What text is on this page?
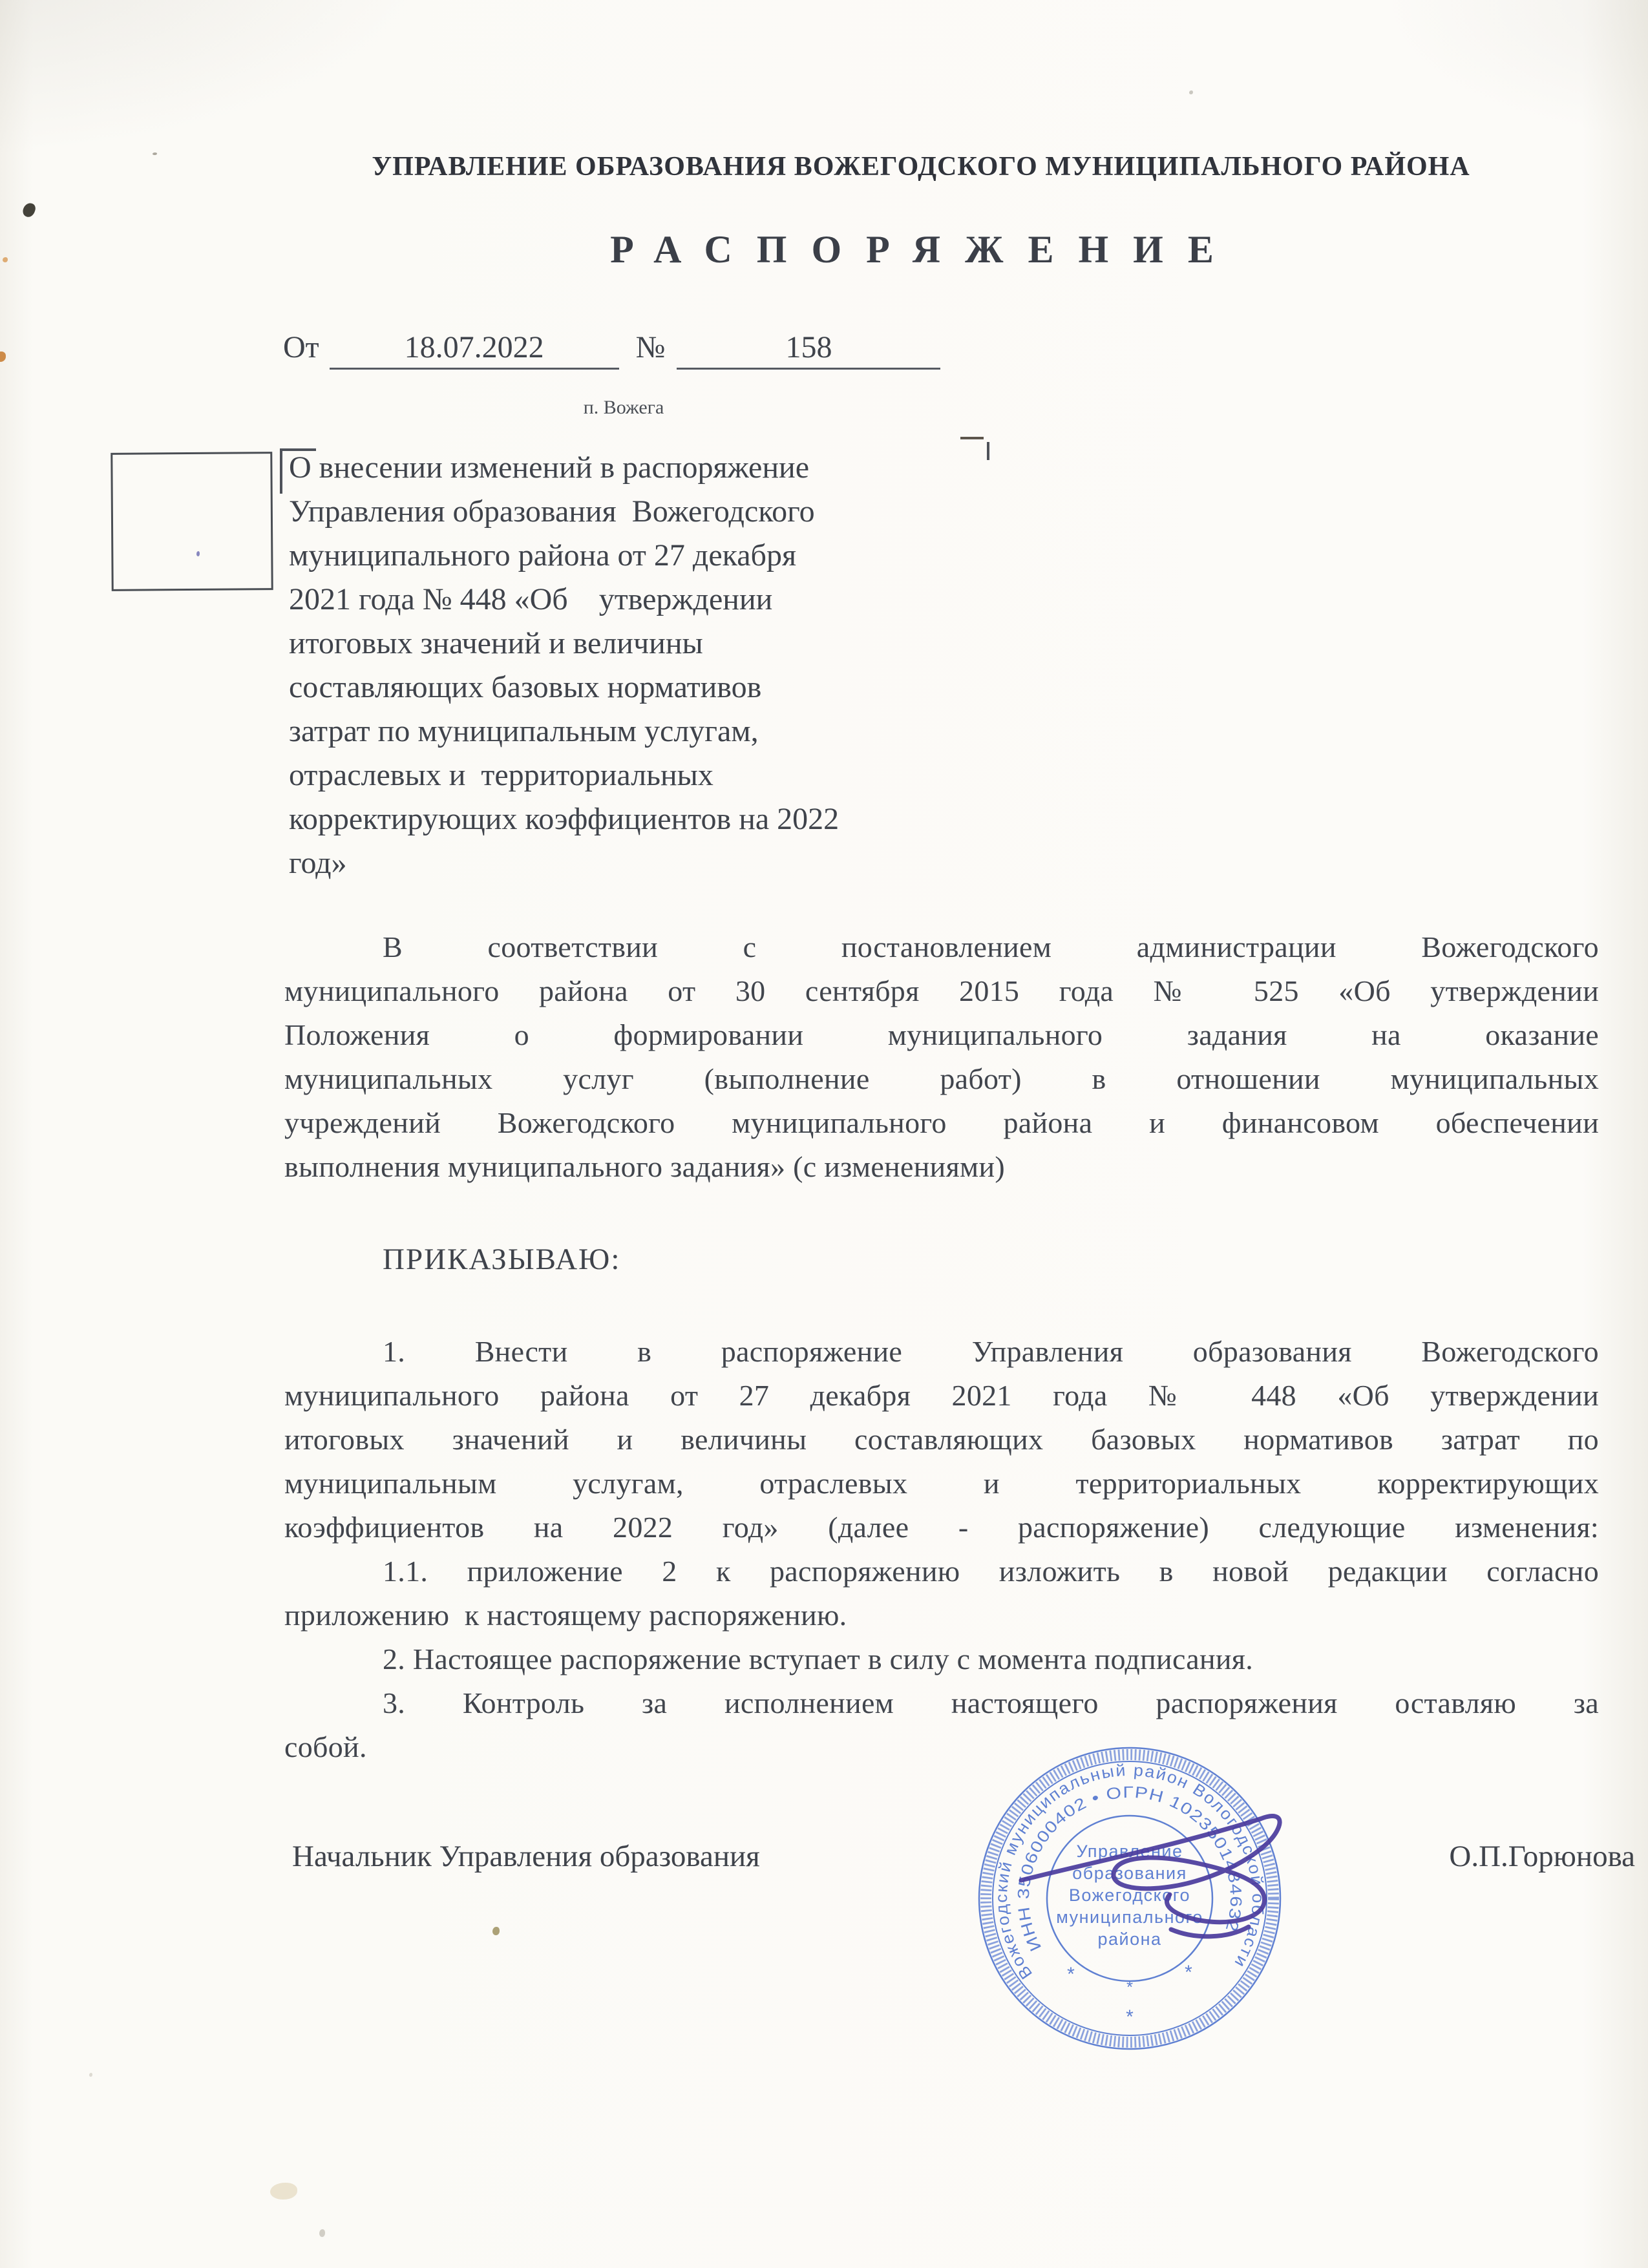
УПРАВЛЕНИЕ ОБРАЗОВАНИЯ ВОЖЕГОДСКОГО МУНИЦИПАЛЬНОГО РАЙОНА
РАСПОРЯЖЕНИЕ
От	18.07.2022	№	158
п. Вожега
О внесении изменений в распоряжение
Управления образования  Вожегодского
муниципального района от 27 декабря
2021 года № 448 «Об    утверждении
итоговых значений и величины
составляющих базовых нормативов
затрат по муниципальным услугам,
отраслевых и  территориальных
корректирующих коэффициентов на 2022
год»
В соответствии с постановлением администрации Вожегодского
муниципального района от 30 сентября 2015 года № 525 «Об утверждении
Положения о формировании муниципального задания на оказание
муниципальных услуг (выполнение работ) в отношении муниципальных
учреждений Вожегодского муниципального района и финансовом обеспечении
выполнения муниципального задания» (с изменениями)
ПРИКАЗЫВАЮ:
1. Внести в распоряжение Управления образования Вожегодского
муниципального района от 27 декабря 2021 года № 448 «Об утверждении
итоговых значений и величины составляющих базовых нормативов затрат по
муниципальным услугам, отраслевых и территориальных корректирующих
коэффициентов на 2022 год» (далее - распоряжение) следующие изменения:
1.1. приложение 2 к распоряжению изложить в новой редакции согласно
приложению  к настоящему распоряжению.
2. Настоящее распоряжение вступает в силу с момента подписания.
3. Контроль за исполнением настоящего распоряжения оставляю за
собой.
Начальник Управления образования	О.П.Горюнова
Вожегодский муниципальный район Вологодской области
ИНН 3506000402 • ОГРН 1023501484632
Управление
образования
Вожегодского
муниципального
района
*	*
*
*
